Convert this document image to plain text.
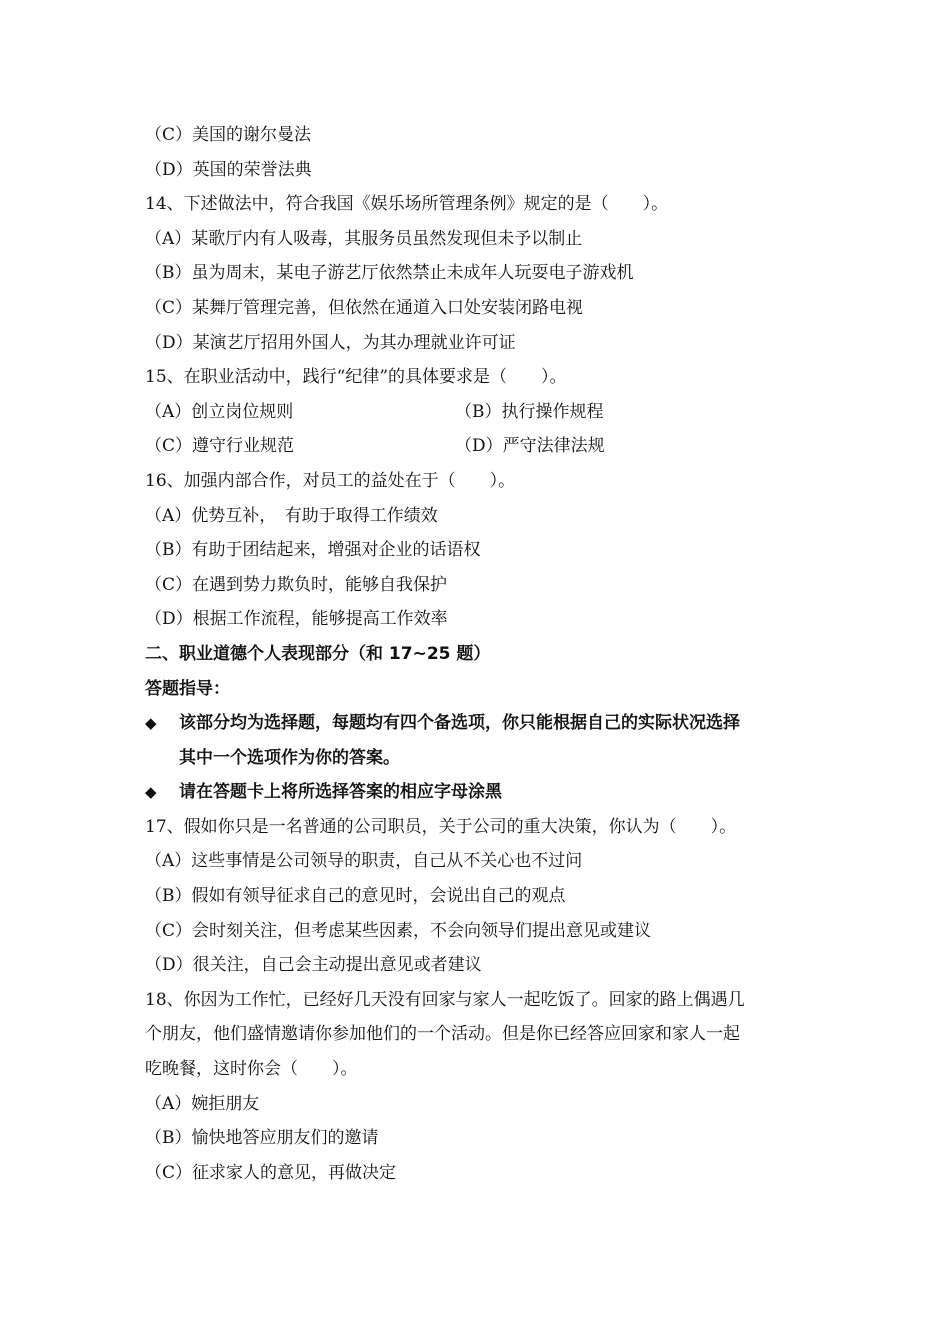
（C）美国的谢尔曼法
（D）英国的荣誉法典
14、下述做法中，符合我国《娱乐场所管理条例》规定的是（　　）。
（A）某歌厅内有人吸毒，其服务员虽然发现但未予以制止
（B）虽为周末，某电子游艺厅依然禁止未成年人玩耍电子游戏机
（C）某舞厅管理完善，但依然在通道入口处安装闭路电视
（D）某演艺厅招用外国人，为其办理就业许可证
15、在职业活动中，践行“纪律”的具体要求是（　　）。
（A）创立岗位规则	（B）执行操作规程
（C）遵守行业规范	（D）严守法律法规
16、加强内部合作，对员工的益处在于（　　）。
（A）优势互补，　有助于取得工作绩效
（B）有助于团结起来，增强对企业的话语权
（C）在遇到势力欺负时，能够自我保护
（D）根据工作流程，能够提高工作效率
二、职业道德个人表现部分（和 17~25 题）
答题指导：
◆	该部分均为选择题，每题均有四个备选项，你只能根据自己的实际状况选择
其中一个选项作为你的答案。
◆	请在答题卡上将所选择答案的相应字母涂黑
17、假如你只是一名普通的公司职员，关于公司的重大决策，你认为（　　）。
（A）这些事情是公司领导的职责，自己从不关心也不过问
（B）假如有领导征求自己的意见时，会说出自己的观点
（C）会时刻关注，但考虑某些因素，不会向领导们提出意见或建议
（D）很关注，自己会主动提出意见或者建议
18、你因为工作忙，已经好几天没有回家与家人一起吃饭了。回家的路上偶遇几
个朋友，他们盛情邀请你参加他们的一个活动。但是你已经答应回家和家人一起
吃晚餐，这时你会（　　）。
（A）婉拒朋友
（B）愉快地答应朋友们的邀请
（C）征求家人的意见，再做决定
